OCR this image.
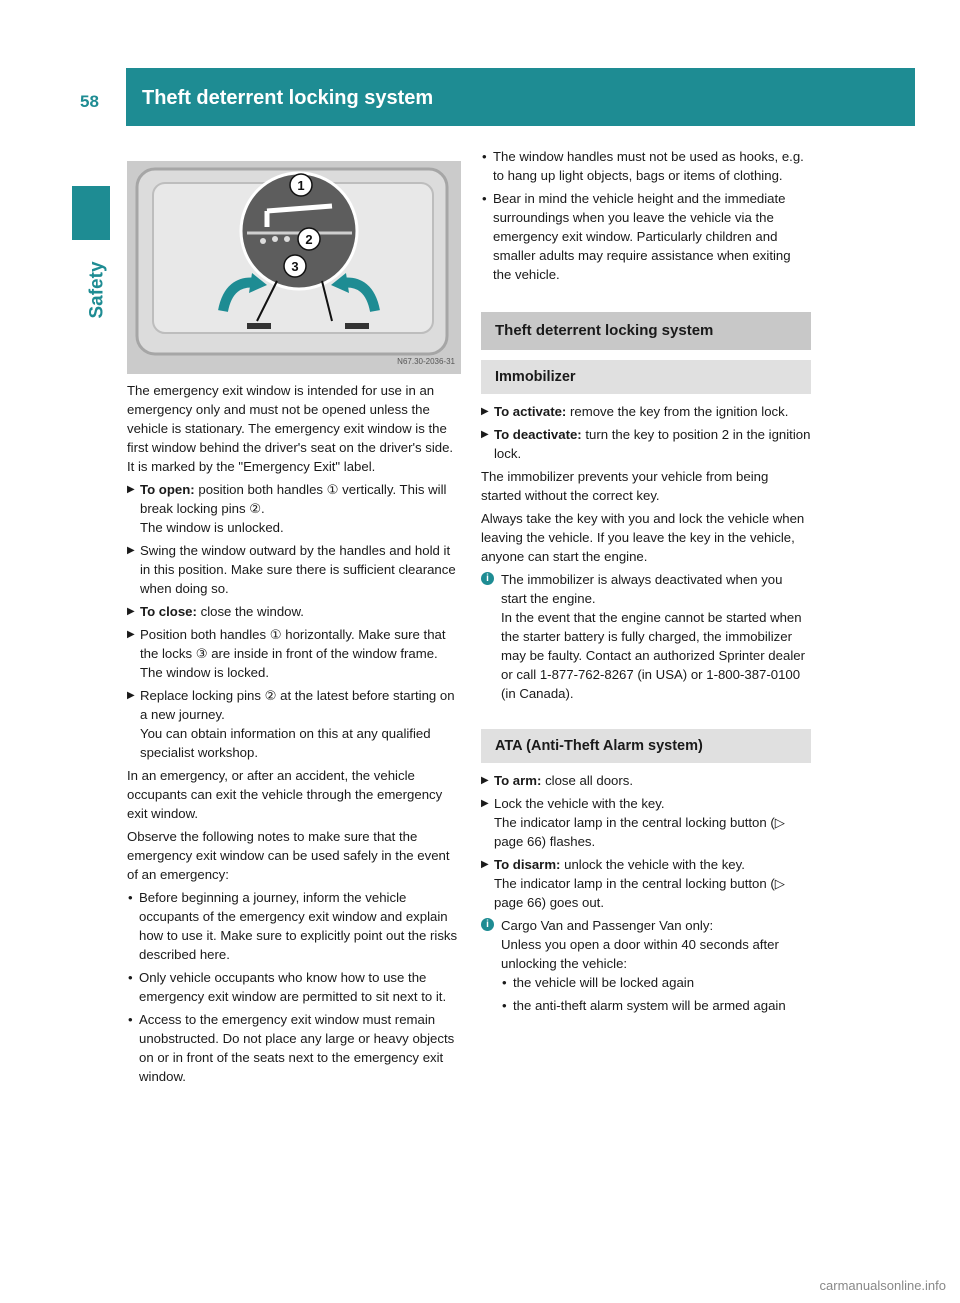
58 Theft deterrent locking system
Safety
1
2
3
N67.30-2036-31

The emergency exit window is intended for use in an emergency only and must not be opened unless the vehicle is stationary. The emergency exit window is the first window behind the driver's seat on the driver's side. It is marked by the "Emergency Exit" label.

▶ To open: position both handles ① vertically. This will break locking pins ②.
The window is unlocked.
▶ Swing the window outward by the handles and hold it in this position. Make sure there is sufficient clearance when doing so.
▶ To close: close the window.
▶ Position both handles ① horizontally. Make sure that the locks ③ are inside in front of the window frame.
The window is locked.
▶ Replace locking pins ② at the latest before starting on a new journey.
You can obtain information on this at any qualified specialist workshop.

In an emergency, or after an accident, the vehicle occupants can exit the vehicle through the emergency exit window.

Observe the following notes to make sure that the emergency exit window can be used safely in the event of an emergency:

• Before beginning a journey, inform the vehicle occupants of the emergency exit window and explain how to use it. Make sure to explicitly point out the risks described here.
• Only vehicle occupants who know how to use the emergency exit window are permitted to sit next to it.
• Access to the emergency exit window must remain unobstructed. Do not place any large or heavy objects on or in front of the seats next to the emergency exit window.
• The window handles must not be used as hooks, e.g. to hang up light objects, bags or items of clothing.
• Bear in mind the vehicle height and the immediate surroundings when you leave the vehicle via the emergency exit window. Particularly children and smaller adults may require assistance when exiting the vehicle.
Theft deterrent locking system
Immobilizer
▶ To activate: remove the key from the ignition lock.
▶ To deactivate: turn the key to position 2 in the ignition lock.

The immobilizer prevents your vehicle from being started without the correct key.

Always take the key with you and lock the vehicle when leaving the vehicle. If you leave the key in the vehicle, anyone can start the engine.

i The immobilizer is always deactivated when you start the engine.
In the event that the engine cannot be started when the starter battery is fully charged, the immobilizer may be faulty. Contact an authorized Sprinter dealer or call 1-877-762-8267 (in USA) or 1-800-387-0100 (in Canada).
ATA (Anti-Theft Alarm system)
▶ To arm: close all doors.
▶ Lock the vehicle with the key.
The indicator lamp in the central locking button (▷ page 66) flashes.
▶ To disarm: unlock the vehicle with the key.
The indicator lamp in the central locking button (▷ page 66) goes out.
i Cargo Van and Passenger Van only:
Unless you open a door within 40 seconds after unlocking the vehicle:
• the vehicle will be locked again
• the anti-theft alarm system will be armed again
carmanualsonline.info
